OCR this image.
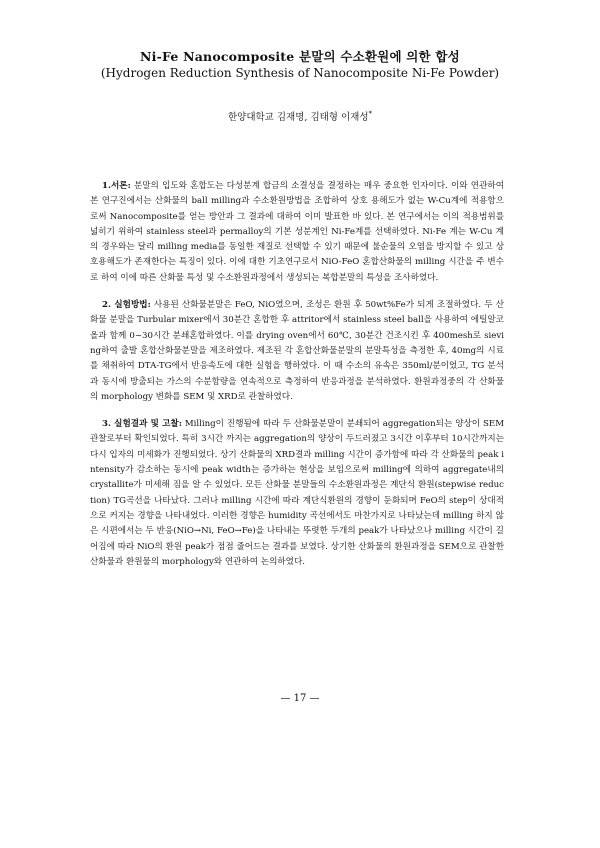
Ni-Fe Nanocomposite 분말의 수소환원에 의한 합성
(Hydrogen Reduction Synthesis of Nanocomposite Ni-Fe Powder)
한양대학교 김재명, 김태형 이재성*

1.서론: 분말의 입도와 혼합도는 다성분계 합금의 소결성을 결정하는 매우 중요한 인자이다. 이와 연관하여 본 연구진에서는 산화물의 ball milling과 수소환원방법을 조합하여 상호 용해도가 없는 W-Cu계에 적용함으로써 Nanocomposite를 얻는 방안과 그 결과에 대하여 이미 발표한 바 있다. 본 연구에서는 이의 적용범위를 넓히기 위하여 stainless steel과 permalloy의 기본 성분계인 Ni-Fe계를 선택하였다. Ni-Fe 계는 W-Cu 계의 경우와는 달리 milling media를 동일한 재질로 선택할 수 있기 때문에 불순물의 오염을 방지할 수 있고 상호용해도가 존재한다는 특징이 있다. 이에 대한 기초연구로서 NiO-FeO 혼합산화물의 milling 시간을 주 변수로 하여 이에 따른 산화물 특성 및 수소환원과정에서 생성되는 복합분말의 특성을 조사하였다.

2. 실험방법: 사용된 산화물분말은 FeO, NiO였으며, 조성은 환원 후 50wt%Fe가 되게 조절하였다. 두 산화물 분말을 Turbular mixer에서 30분간 혼합한 후 attritor에서 stainless steel ball을 사용하여 에틸알코올과 함께 0~30시간 분쇄혼합하였다. 이를 drying oven에서 60℃, 30분간 건조시킨 후 400mesh로 sieving하여 출발 혼합산화물분말을 제조하였다. 제조된 각 혼합산화물분말의 분말특성을 측정한 후, 40mg의 시료를 채취하여 DTA-TG에서 반응속도에 대한 실험을 행하였다. 이 때 수소의 유속은 350ml/분이었고, TG 분석과 동시에 방출되는 가스의 수분함량을 연속적으로 측정하여 반응과정을 분석하였다. 환원과정중의 각 산화물의 morphology 변화를 SEM 및 XRD로 관찰하였다.

3. 실험결과 및 고찰: Milling이 진행됨에 따라 두 산화물분말이 분쇄되어 aggregation되는 양상이 SEM관찰로부터 확인되었다. 특히 3시간 까지는 aggregation의 양상이 두드러졌고 3시간 이후부터 10시간까지는 다시 입자의 미세화가 진행되었다. 상기 산화물의 XRD결과 milling 시간이 증가함에 따라 각 산화물의 peak intensity가 감소하는 동시에 peak width는 증가하는 현상을 보임으로써 milling에 의하여 aggregate내의 crystallite가 미세해 짐을 알 수 있었다. 모든 산화물 분말들의 수소환원과정은 계단식 환원(stepwise reduction) TG곡선을 나타났다. 그러나 milling 시간에 따라 계단식환원의 경향이 둔화되며 FeO의 step이 상대적으로 커지는 경향을 나타내었다. 이러한 경향은 humidity 곡선에서도 마찬가지로 나타났는데 milling 하지 않은 시편에서는 두 반응(NiO→Ni, FeO→Fe)을 나타내는 뚜렷한 두개의 peak가 나타났으나 milling 시간이 길어짐에 따라 NiO의 환원 peak가 점점 줄어드는 결과를 보였다. 상기한 산화물의 환원과정을 SEM으로 관찰한 산화물과 환원물의 morphology와 연관하여 논의하였다.

— 17 —
